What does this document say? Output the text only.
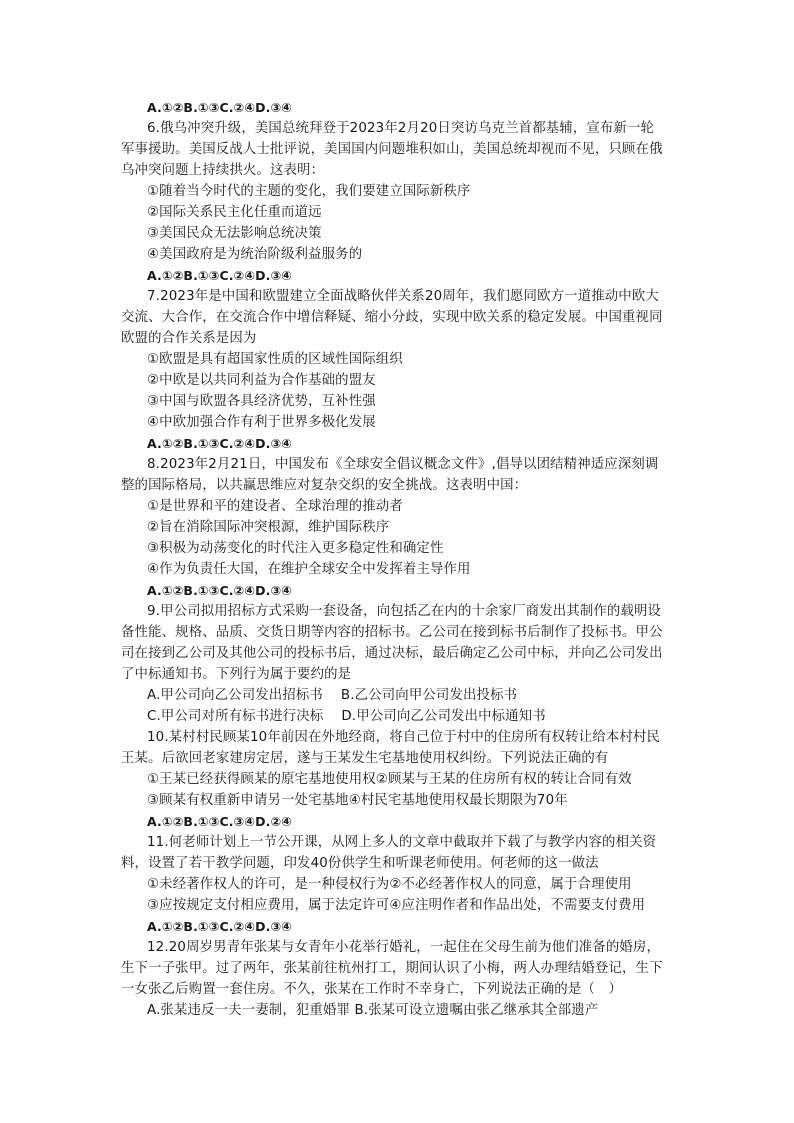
A.①②B.①③C.②④D.③④
6.俄乌冲突升级，美国总统拜登于2023年2月20日突访乌克兰首都基辅，宣布新一轮
军事援助。美国反战人士批评说，美国国内问题堆积如山，美国总统却视而不见，只顾在俄
乌冲突问题上持续拱火。这表明：
①随着当今时代的主题的变化，我们要建立国际新秩序
②国际关系民主化任重而道远
③美国民众无法影响总统决策
④美国政府是为统治阶级利益服务的
A.①②B.①③C.②④D.③④
7.2023年是中国和欧盟建立全面战略伙伴关系20周年，我们愿同欧方一道推动中欧大
交流、大合作，在交流合作中增信释疑、缩小分歧，实现中欧关系的稳定发展。中国重视同
欧盟的合作关系是因为
①欧盟是具有超国家性质的区域性国际组织
②中欧是以共同利益为合作基础的盟友
③中国与欧盟各具经济优势，互补性强
④中欧加强合作有利于世界多极化发展
A.①②B.①③C.②④D.③④
8.2023年2月21日，中国发布《全球安全倡议概念文件》,倡导以团结精神适应深刻调
整的国际格局，以共赢思维应对复杂交织的安全挑战。这表明中国：
①是世界和平的建设者、全球治理的推动者
②旨在消除国际冲突根源，维护国际秩序
③积极为动荡变化的时代注入更多稳定性和确定性
④作为负责任大国，在维护全球安全中发挥着主导作用
A.①②B.①③C.②④D.③④
9.甲公司拟用招标方式采购一套设备，向包括乙在内的十余家厂商发出其制作的载明设
备性能、规格、品质、交货日期等内容的招标书。乙公司在接到标书后制作了投标书。甲公
司在接到乙公司及其他公司的投标书后，通过决标，最后确定乙公司中标，并向乙公司发出
了中标通知书。下列行为属于要约的是
A.甲公司向乙公司发出招标书　 B.乙公司向甲公司发出投标书
C.甲公司对所有标书进行决标　 D.甲公司向乙公司发出中标通知书
10.某村村民顾某10年前因在外地经商，将自己位于村中的住房所有权转让给本村村民
王某。后欲回老家建房定居，遂与王某发生宅基地使用权纠纷。下列说法正确的有
①王某已经获得顾某的原宅基地使用权②顾某与王某的住房所有权的转让合同有效
③顾某有权重新申请另一处宅基地④村民宅基地使用权最长期限为70年
A.①②B.①③C.③④D.②④
11.何老师计划上一节公开课，从网上多人的文章中截取并下载了与教学内容的相关资
料，设置了若干教学问题，印发40份供学生和听课老师使用。何老师的这一做法
①未经著作权人的许可，是一种侵权行为②不必经著作权人的同意，属于合理使用
③应按规定支付相应费用，属于法定许可④应注明作者和作品出处，不需要支付费用
A.①②B.①③C.②④D.③④
12.20周岁男青年张某与女青年小花举行婚礼，一起住在父母生前为他们准备的婚房，
生下一子张甲。过了两年，张某前往杭州打工，期间认识了小梅，两人办理结婚登记，生下
一女张乙后购置一套住房。不久，张某在工作时不幸身亡，下列说法正确的是（　）
A.张某违反一夫一妻制，犯重婚罪 B.张某可设立遗嘱由张乙继承其全部遗产
